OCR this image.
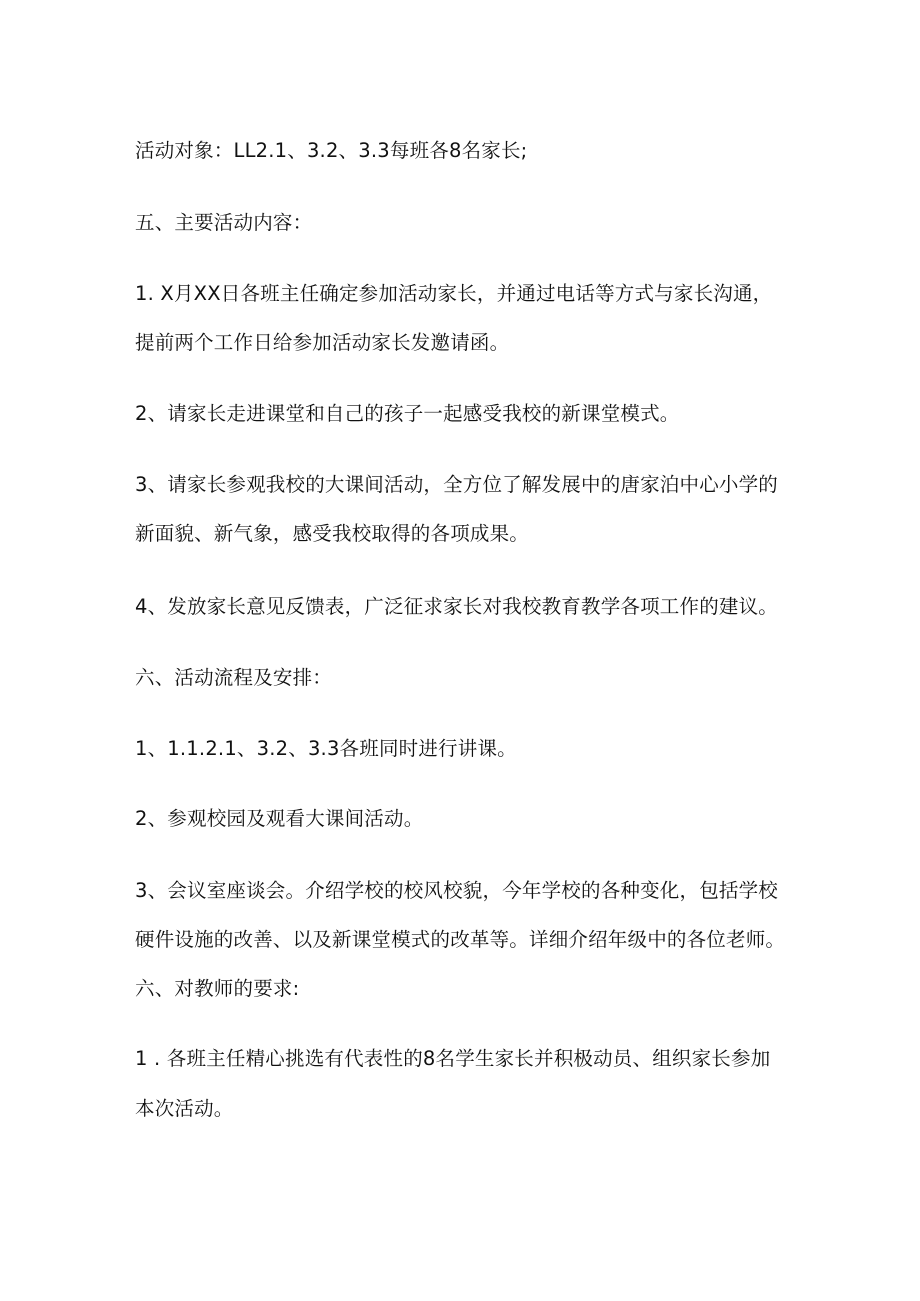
活动对象：LL2.1、3.2、3.3每班各8名家长;
五、主要活动内容：
1. X月XX日各班主任确定参加活动家长，并通过电话等方式与家长沟通，
提前两个工作日给参加活动家长发邀请函。
2、请家长走进课堂和自己的孩子一起感受我校的新课堂模式。
3、请家长参观我校的大课间活动，全方位了解发展中的唐家泊中心小学的
新面貌、新气象，感受我校取得的各项成果。
4、发放家长意见反馈表，广泛征求家长对我校教育教学各项工作的建议。
六、活动流程及安排：
1、1.1.2.1、3.2、3.3各班同时进行讲课。
2、参观校园及观看大课间活动。
3、会议室座谈会。介绍学校的校风校貌，今年学校的各种变化，包括学校
硬件设施的改善、以及新课堂模式的改革等。详细介绍年级中的各位老师。
六、对教师的要求:
1 . 各班主任精心挑选有代表性的8名学生家长并积极动员、组织家长参加
本次活动。
